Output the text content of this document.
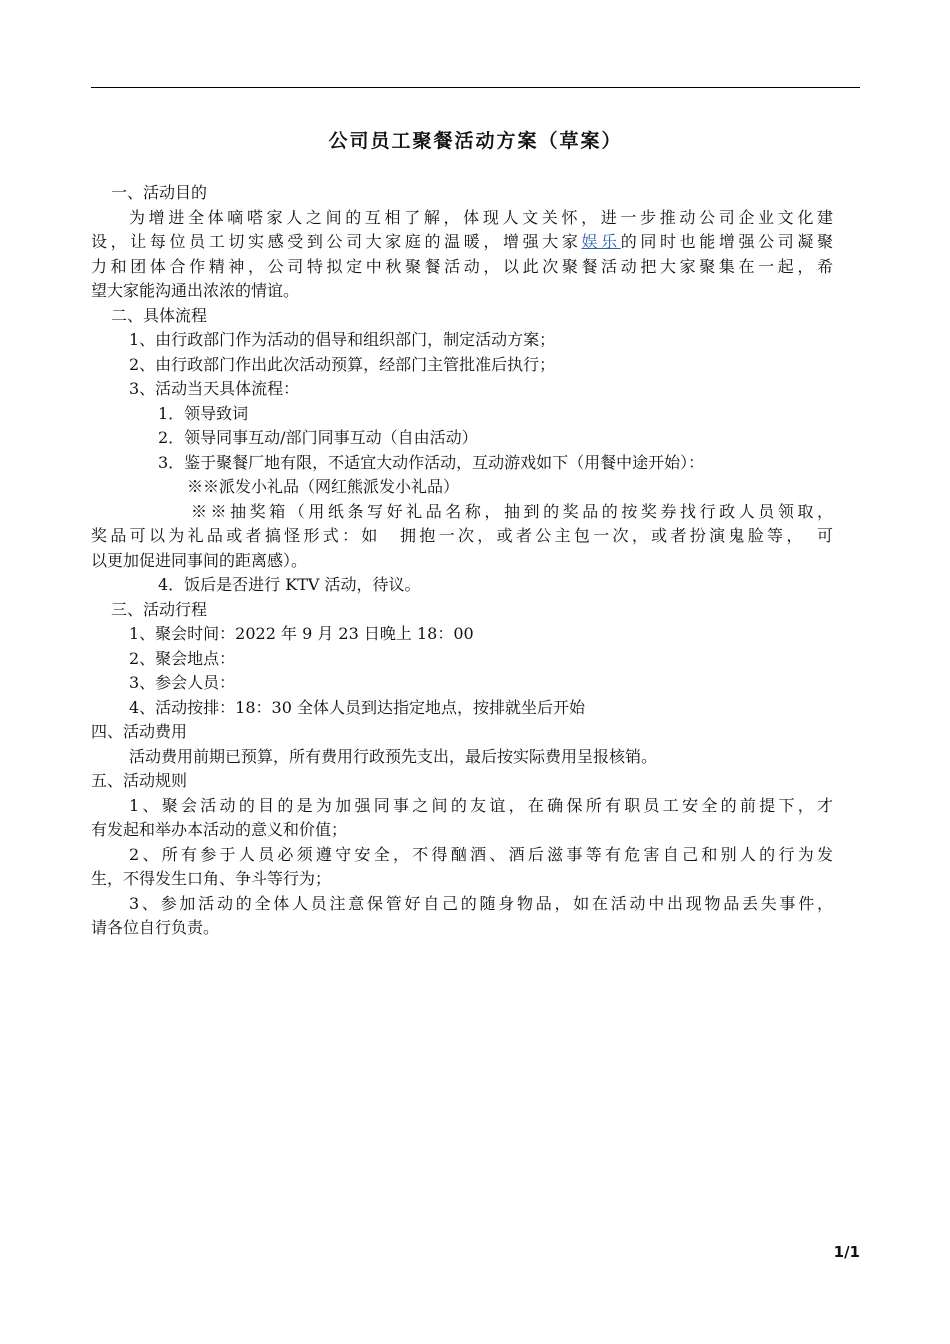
公司员工聚餐活动方案（草案）

一、活动目的

为增进全体嘀嗒家人之间的互相了解，体现人文关怀，进一步推动公司企业文化建

设，让每位员工切实感受到公司大家庭的温暖，增强大家娱乐的同时也能增强公司凝聚

力和团体合作精神，公司特拟定中秋聚餐活动，以此次聚餐活动把大家聚集在一起，希

望大家能沟通出浓浓的情谊。

二、具体流程

1、由行政部门作为活动的倡导和组织部门，制定活动方案；

2、由行政部门作出此次活动预算，经部门主管批准后执行；

3、活动当天具体流程：

1．领导致词

2．领导同事互动/部门同事互动（自由活动）

3．鉴于聚餐厂地有限，不适宜大动作活动，互动游戏如下（用餐中途开始）：

※※派发小礼品（网红熊派发小礼品）

※※抽奖箱（用纸条写好礼品名称，抽到的奖品的按奖券找行政人员领取，

奖品可以为礼品或者搞怪形式：如　拥抱一次，或者公主包一次，或者扮演鬼脸等，　可

以更加促进同事间的距离感）。

4．饭后是否进行 KTV 活动，待议。

三、活动行程

1、聚会时间：2022 年 9 月 23 日晚上 18：00

2、聚会地点：

3、参会人员：

4、活动按排：18：30 全体人员到达指定地点，按排就坐后开始

四、活动费用

活动费用前期已预算，所有费用行政预先支出，最后按实际费用呈报核销。

五、活动规则

1、聚会活动的目的是为加强同事之间的友谊，在确保所有职员工安全的前提下，才

有发起和举办本活动的意义和价值；

2、所有参于人员必须遵守安全，不得酗酒、酒后滋事等有危害自己和别人的行为发

生，不得发生口角、争斗等行为；

3、参加活动的全体人员注意保管好自己的随身物品，如在活动中出现物品丢失事件，

请各位自行负责。

1/1
